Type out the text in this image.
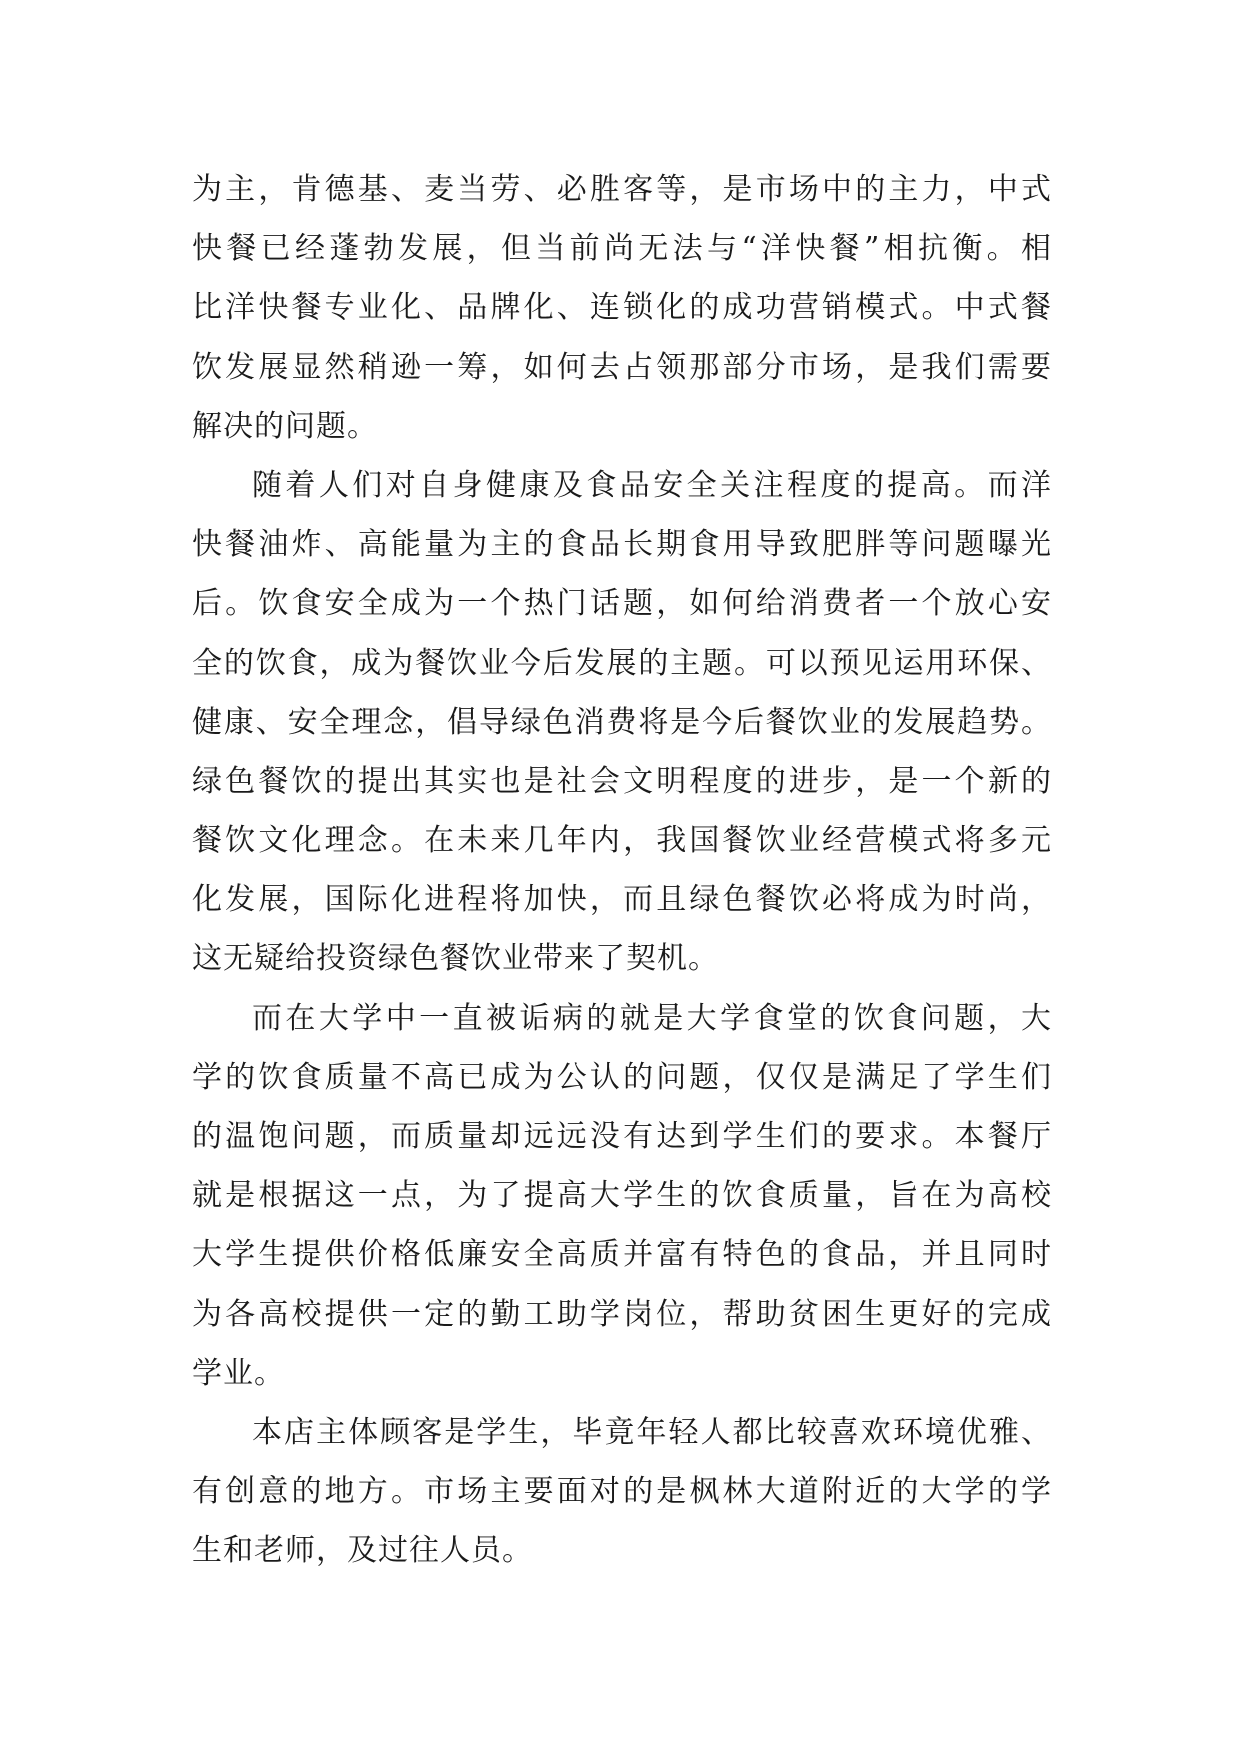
为主，肯德基、麦当劳、必胜客等，是市场中的主力，中式
快餐已经蓬勃发展，但当前尚无法与“洋快餐”相抗衡。相
比洋快餐专业化、品牌化、连锁化的成功营销模式。中式餐
饮发展显然稍逊一筹，如何去占领那部分市场，是我们需要
解决的问题。
随着人们对自身健康及食品安全关注程度的提高。而洋
快餐油炸、高能量为主的食品长期食用导致肥胖等问题曝光
后。饮食安全成为一个热门话题，如何给消费者一个放心安
全的饮食，成为餐饮业今后发展的主题。可以预见运用环保、
健康、安全理念，倡导绿色消费将是今后餐饮业的发展趋势。
绿色餐饮的提出其实也是社会文明程度的进步，是一个新的
餐饮文化理念。在未来几年内，我国餐饮业经营模式将多元
化发展，国际化进程将加快，而且绿色餐饮必将成为时尚，
这无疑给投资绿色餐饮业带来了契机。
而在大学中一直被诟病的就是大学食堂的饮食问题，大
学的饮食质量不高已成为公认的问题，仅仅是满足了学生们
的温饱问题，而质量却远远没有达到学生们的要求。本餐厅
就是根据这一点，为了提高大学生的饮食质量，旨在为高校
大学生提供价格低廉安全高质并富有特色的食品，并且同时
为各高校提供一定的勤工助学岗位，帮助贫困生更好的完成
学业。
本店主体顾客是学生，毕竟年轻人都比较喜欢环境优雅、
有创意的地方。市场主要面对的是枫林大道附近的大学的学
生和老师，及过往人员。
